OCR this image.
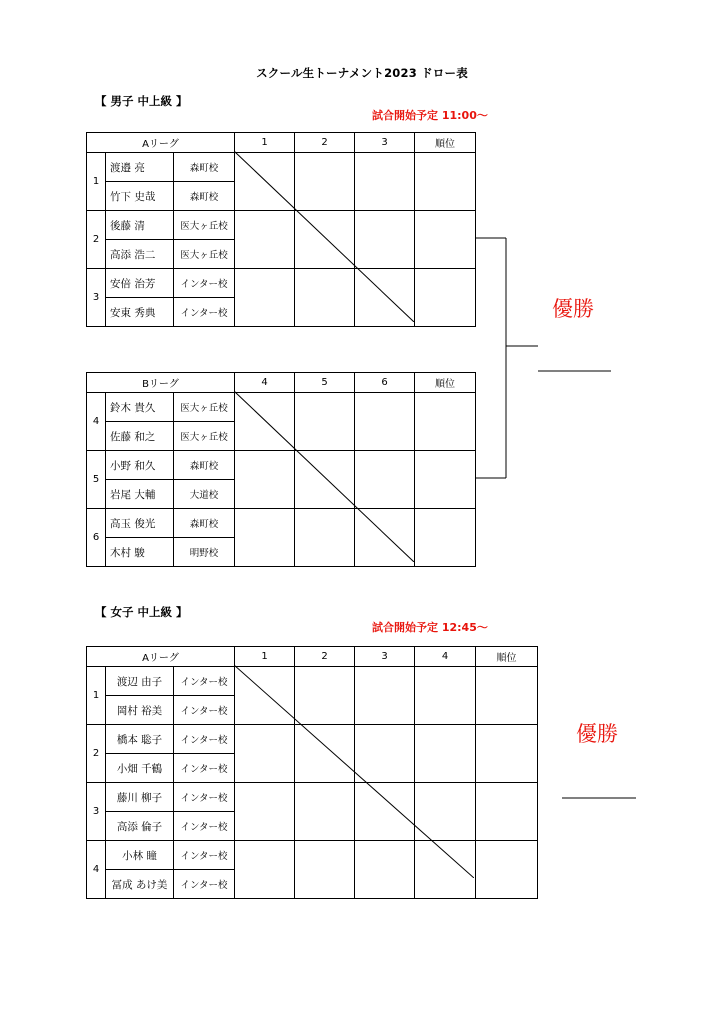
スクール生トーナメント2023 ドロー表
【 男子 中上級 】
試合開始予定 11:00～
Aリーグ			1	2	3	順位
1	渡邉 亮	森町校				
	竹下 史哉	森町校				
2	後藤 清	医大ヶ丘校				
	高添 浩二	医大ヶ丘校				
3	安倍 治芳	インター校				
	安東 秀典	インター校				
Bリーグ			4	5	6	順位
4	鈴木 貴久	医大ヶ丘校				
	佐藤 和之	医大ヶ丘校				
5	小野 和久	森町校				
	岩尾 大輔	大道校				
6	高玉 俊光	森町校				
	木村 駿	明野校				
優勝
【 女子 中上級 】
試合開始予定 12:45～
Aリーグ			1	2	3	4	順位
1	渡辺 由子	インター校					
	岡村 裕美	インター校					
2	橋本 聡子	インター校					
	小畑 千鶴	インター校					
3	藤川 柳子	インター校					
	高添 倫子	インター校					
4	小林 瞳	インター校					
	冨成 あけ美	インター校					
優勝
